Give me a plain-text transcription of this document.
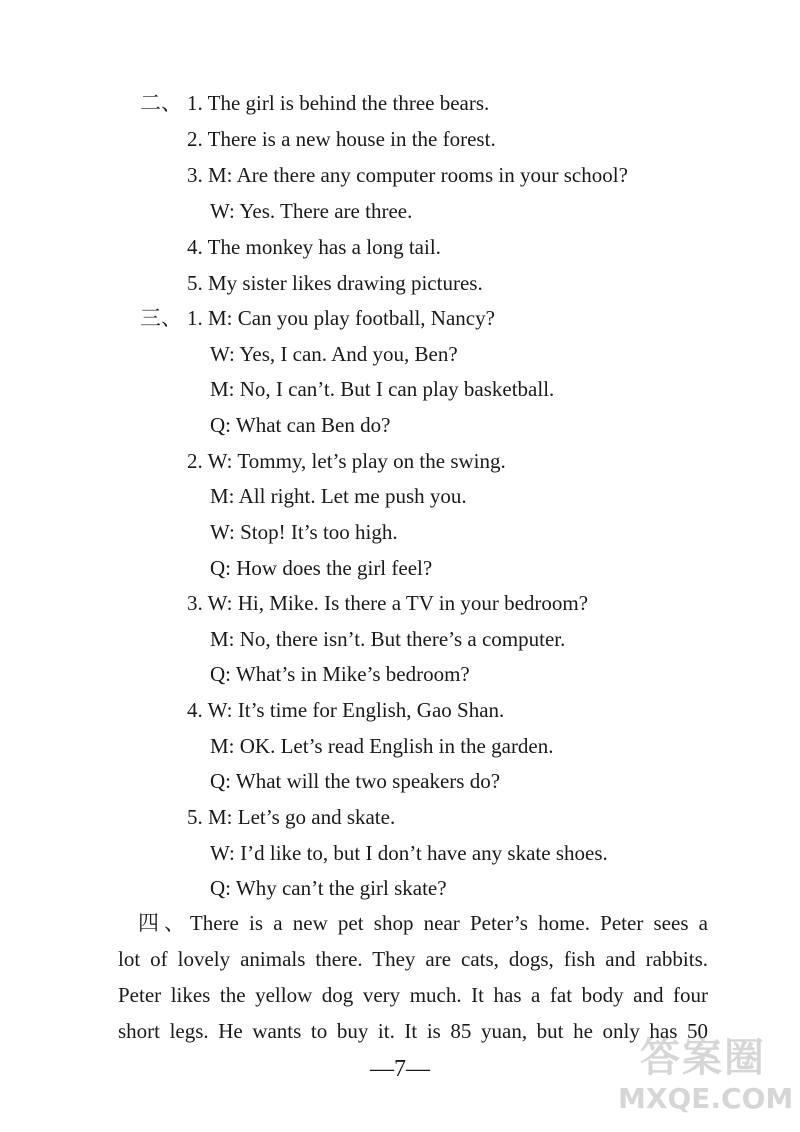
二、 1. The girl is behind the three bears.
2. There is a new house in the forest.
3. M: Are there any computer rooms in your school?
W: Yes. There are three.
4. The monkey has a long tail.
5. My sister likes drawing pictures.
三、 1. M: Can you play football, Nancy?
W: Yes, I can. And you, Ben?
M: No, I can’t. But I can play basketball.
Q: What can Ben do?
2. W: Tommy, let’s play on the swing.
M: All right. Let me push you.
W: Stop! It’s too high.
Q: How does the girl feel?
3. W: Hi, Mike. Is there a TV in your bedroom?
M: No, there isn’t. But there’s a computer.
Q: What’s in Mike’s bedroom?
4. W: It’s time for English, Gao Shan.
M: OK. Let’s read English in the garden.
Q: What will the two speakers do?
5. M: Let’s go and skate.
W: I’d like to, but I don’t have any skate shoes.
Q: Why can’t the girl skate?
四、There is a new pet shop near Peter’s home. Peter sees a
lot of lovely animals there. They are cats, dogs, fish and rabbits.
Peter likes the yellow dog very much. It has a fat body and four
short legs. He wants to buy it. It is 85 yuan, but he only has 50
—7—	答案圈
MXQE.COM
